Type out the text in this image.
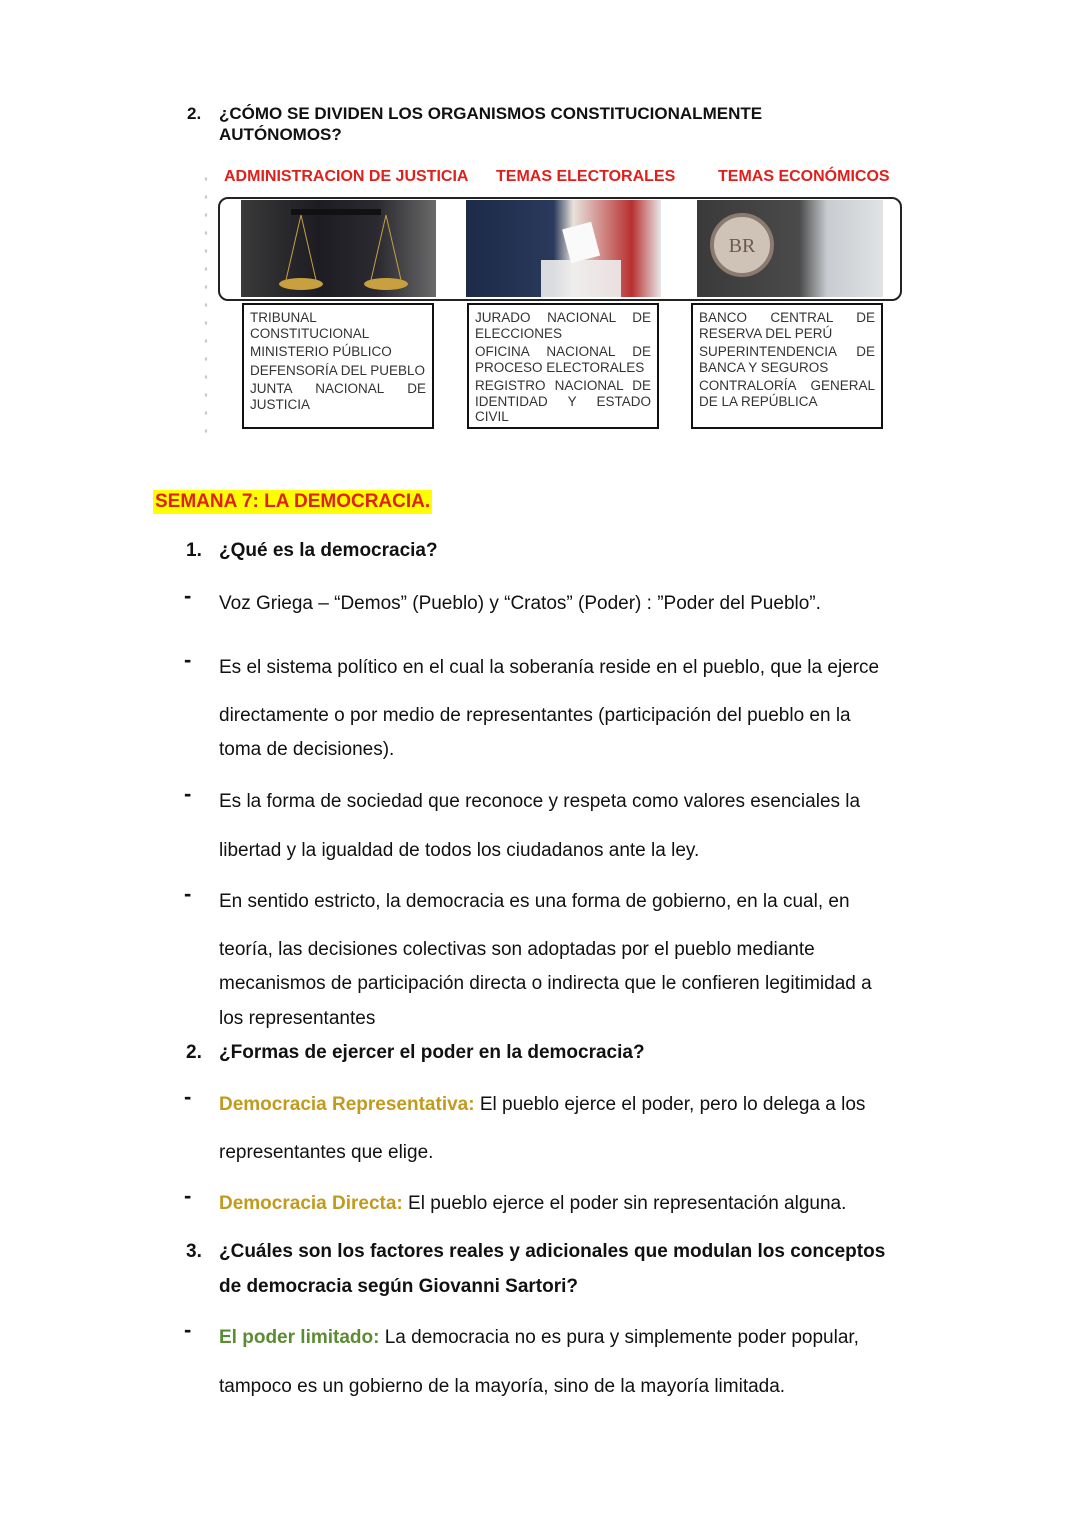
2. ¿CÓMO SE DIVIDEN LOS ORGANISMOS CONSTITUCIONALMENTE
AUTÓNOMOS?
ADMINISTRACION DE JUSTICIA TEMAS ELECTORALES	TEMAS ECONÓMICOS
BR

TRIBUNAL CONSTITUCIONAL

MINISTERIO PÚBLICO

DEFENSORÍA DEL PUEBLO

JUNTA NACIONAL DE JUSTICIA

JURADO NACIONAL DE ELECCIONES

OFICINA NACIONAL DE PROCESO ELECTORALES

REGISTRO NACIONAL DE IDENTIDAD Y ESTADO CIVIL

BANCO CENTRAL DE RESERVA DEL PERÚ

SUPERINTENDENCIA DE BANCA Y SEGUROS

CONTRALORÍA GENERAL DE LA REPÚBLICA

SEMANA 7: LA DEMOCRACIA.
1. ¿Qué es la democracia?
- Voz Griega – “Demos” (Pueblo) y “Cratos” (Poder) : ”Poder del Pueblo”.
- Es el sistema político en el cual la soberanía reside en el pueblo, que la ejerce
directamente o por medio de representantes (participación del pueblo en la
toma de decisiones).
- Es la forma de sociedad que reconoce y respeta como valores esenciales la
libertad y la igualdad de todos los ciudadanos ante la ley.
- En sentido estricto, la democracia es una forma de gobierno, en la cual, en
teoría, las decisiones colectivas son adoptadas por el pueblo mediante
mecanismos de participación directa o indirecta que le confieren legitimidad a
los representantes
2. ¿Formas de ejercer el poder en la democracia?
- Democracia Representativa: El pueblo ejerce el poder, pero lo delega a los
representantes que elige.
- Democracia Directa: El pueblo ejerce el poder sin representación alguna.
3. ¿Cuáles son los factores reales y adicionales que modulan los conceptos
de democracia según Giovanni Sartori?
- El poder limitado: La democracia no es pura y simplemente poder popular,
tampoco es un gobierno de la mayoría, sino de la mayoría limitada.
